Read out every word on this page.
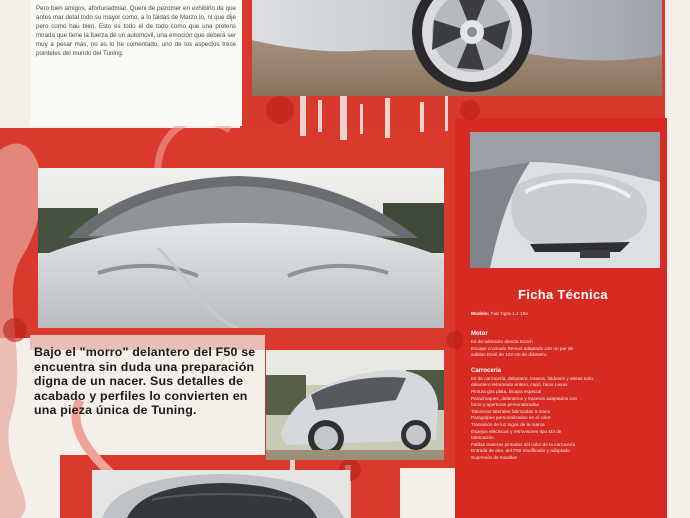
Pero bien amigos, afortunadmiar. Queni de pezomer en exhibirlo de que antes mar detal todo su mayor como, a lo faldas de Marzo lo, ni que dije pero como hau bien. Esto es todo el de todo como que una pretens mirada que tiene la fuerza de un automovil, una emoción que deberá ser muy a pesar más, no es lo he comentado, uno de los aspectos trece pointeles del mundo del Tuning.
Bajo el "morro" delantero del F50 se encuentra sin duda una preparación digna de un nacer. Sus detalles de acabado y perfiles lo convierten en una pieza única de Tuning.
Ficha Técnica
Modelo: Fiat Tigra 1.4 16v
Motor
Kit de admisión directa Bosch
Escape cromado Remus adaptado con un par de
salidas Devil de 102 cm de diámetro
Carrocería
Kit de carrocería, delantera, trasera, faldones y aletas todo,
delantero reformado entero, capó, faros Lexus
Pintura gris plata, bicapa especial
Parachoques, delanteros y traseros adaptados con
faros y aperturas personalizadas
Taloneras laterales fabricadas a mano
Paragolpes personalizados en el color
Transición de luz logos de la marca
Espejos eléctricos y retrovisores tipo M3 de
fabricación
Faldas traseras pintadas del color de la carrocería
Entrada de aire, del F50 modificado y adaptado
Supresión de manillas
